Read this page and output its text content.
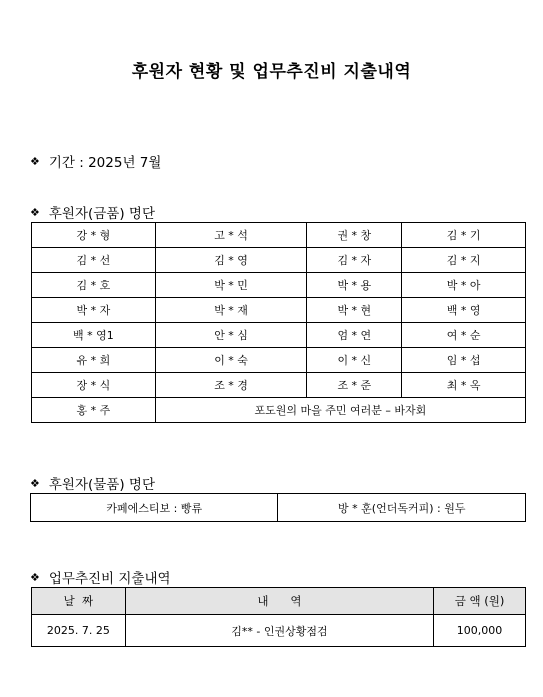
후원자 현황 및 업무추진비 지출내역
❖ 기간 : 2025년 7월
❖ 후원자(금품) 명단
강 * 형	고 * 석	권 * 창	김 * 기
김 * 선	김 * 영	김 * 자	김 * 지
김 * 호	박 * 민	박 * 용	박 * 아
박 * 자	박 * 재	박 * 현	백 * 영
백 * 영1	안 * 심	엄 * 연	여 * 순
유 * 희	이 * 숙	이 * 신	임 * 섭
장 * 식	조 * 경	조 * 준	최 * 옥
홍 * 주	포도원의 마을 주민 여러분 – 바자회		
❖ 후원자(물품) 명단
카페에스티보 : 빵류	방 * 훈(언더독커피) : 원두
❖ 업무추진비 지출내역
날  짜	내      역	금 액 (원)
2025. 7. 25	김** - 인권상황점검	100,000
